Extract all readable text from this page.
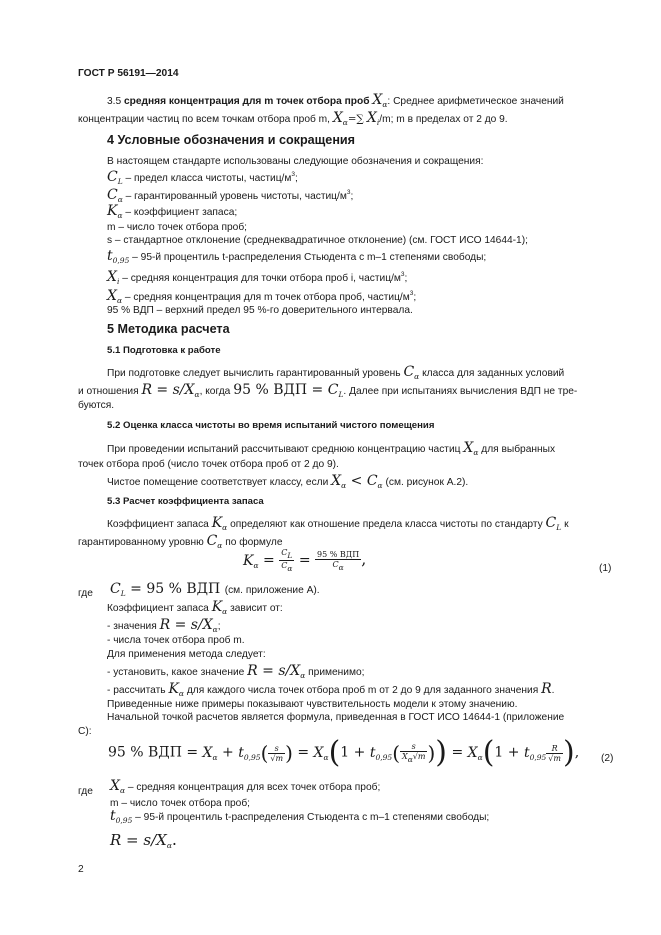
ГОСТ Р 56191—2014
3.5 средняя концентрация для m точек отбора проб $X_\alpha$: Среднее арифметическое значений
концентрации частиц по всем точкам отбора проб m, $X_\alpha=\sum$ $X_i/m$; m в пределах от 2 до 9.
4 Условные обозначения и сокращения
В настоящем стандарте использованы следующие обозначения и сокращения:
$C_L$ – предел класса чистоты, частиц/$м^3$;
$C_\alpha$ – гарантированный уровень чистоты, частиц/$м^3$;
$K_\alpha$ – коэффициент запаса;
m – число точек отбора проб;
s – стандартное отклонение (среднеквадратичное отклонение) (см. ГОСТ ИСО 14644-1);
$t_{0,95} - 95-й$ процентиль t-распределения Стьюдента с m–1 степенями свободы;
$X_i$ – средняя концентрация для точки отбора проб i, частиц/$м^3$;
$X_\alpha$ – средняя концентрация для m точек отбора проб, частиц/$м^3$;
95 % ВДП – верхний предел 95 %-го доверительного интервала.
5 Методика расчета
5.1 Подготовка к работе
При подготовке следует вычислить гарантированный уровень $C_\alpha$ класса для заданных условий
и отношения $R = s/X_\alpha$, когда 95 % ВДП = $C_L$. Далее при испытаниях вычисления ВДП не тре-
буются.
5.2 Оценка класса чистоты во время испытаний чистого помещения
При проведении испытаний рассчитывают среднюю концентрацию частиц $X_\alpha$ для выбранных
точек отбора проб (число точек отбора проб от 2 до 9).
Чистое помещение соответствует классу, если $X_\alpha < C_\alpha$ (см. рисунок А.2).
5.3 Расчет коэффициента запаса
Коэффициент запаса $K_\alpha$ определяют как отношение предела класса чистоты по стандарту $C_L$ к
гарантированному уровню $C_\alpha$ по формуле
$K_\alpha = \frac{CL}{C\alpha} = \frac{\text{95 \% ВДП}}{C\alpha}$ ,	(1)
где $C_L = 95$ % ВДП (см. приложение А).
Коэффициент запаса $K_\alpha$ зависит от:
- значения $R = s/X_\alpha$;
- числа точек отбора проб m.
Для применения метода следует:
- установить, какое значение $R = s/X_\alpha$ применимо;
- рассчитать $K_\alpha$ для каждого числа точек отбора проб m от 2 до 9 для заданного значения R.
Приведенные ниже примеры показывают чувствительность модели к этому значению.
Начальной точкой расчетов является формула, приведенная в ГОСТ ИСО 14644-1 (приложение
С):
95 % ВДП = $X_\alpha + t_{0,95}( \frac{s}{√m}$ ) = $X_\alpha(1 + t_{0,95}( \frac{s}{X\alpha√m}$ )) = $X_\alpha(1 + t_{0,95} \frac{R}{√m}$ ), (2)
где $X_\alpha$ – средняя концентрация для всех точек отбора проб;
m – число точек отбора проб;
$t_{0,95} - 95-й$ процентиль t-распределения Стьюдента с m–1 степенями свободы;
$R = s/X_\alpha$.
2
